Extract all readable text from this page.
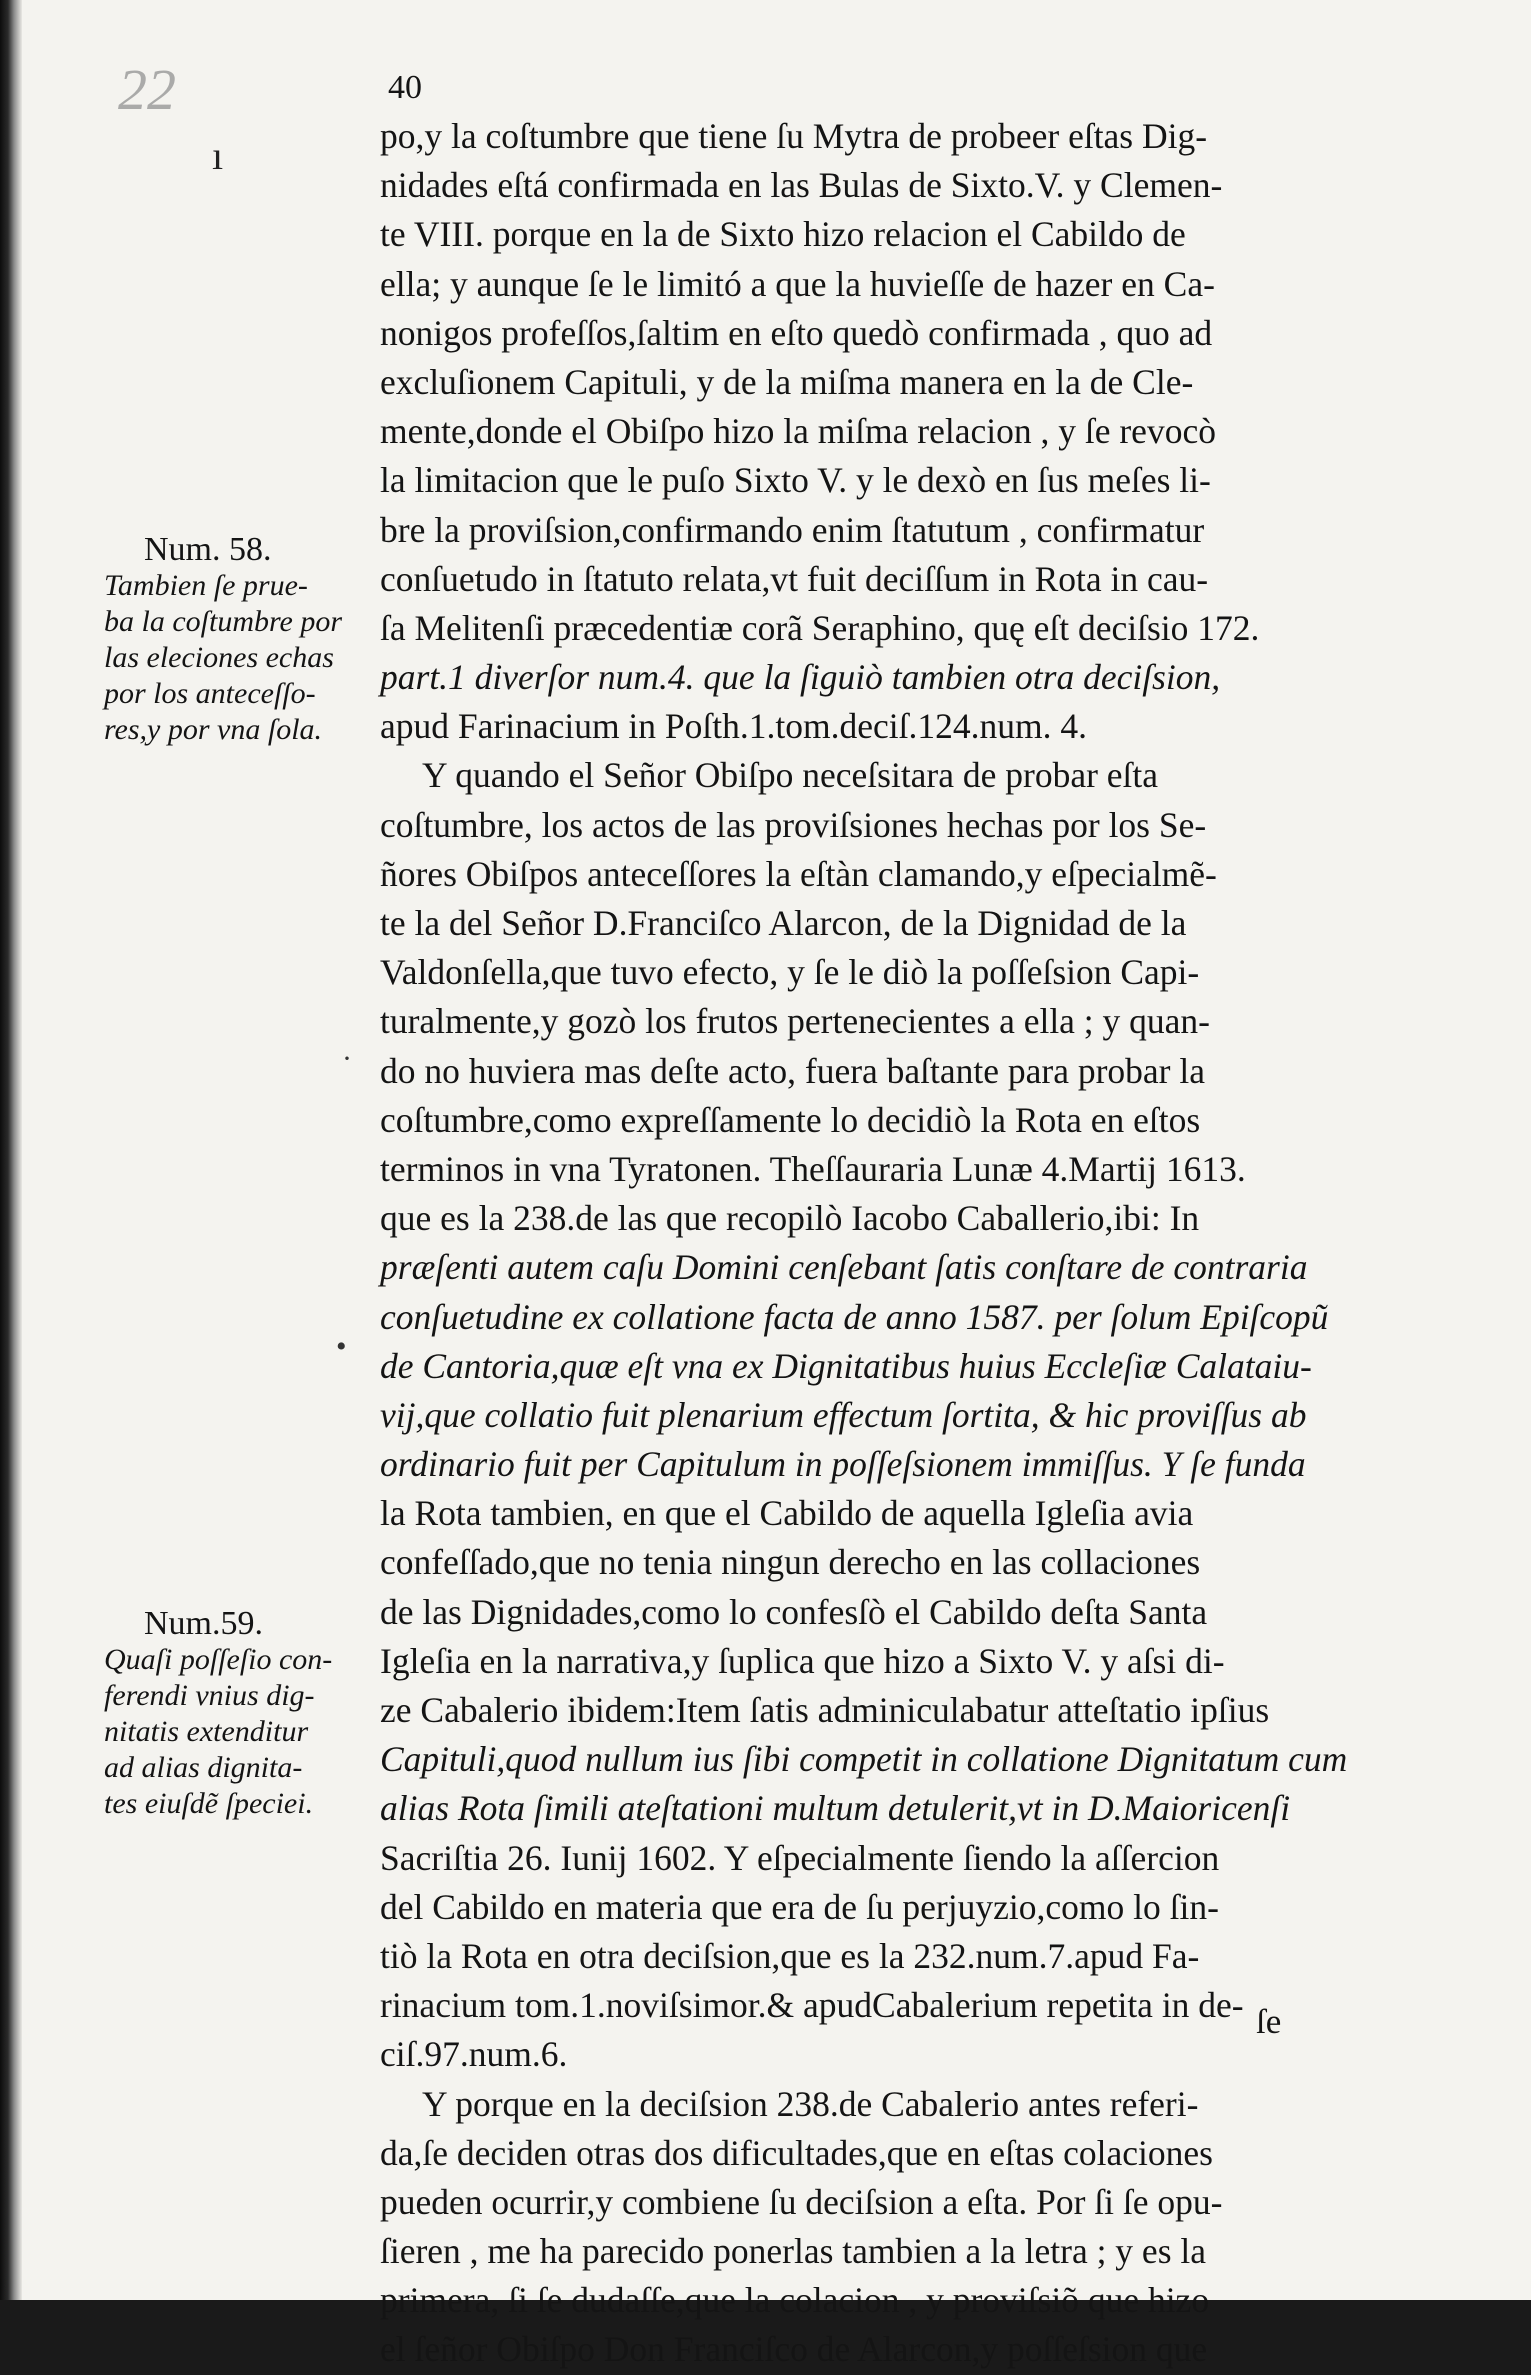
22
ı
40
po,y la coſtumbre que tiene ſu Mytra de probeer eſtas Dig-
nidades eſtá confirmada en las Bulas de Sixto.V. y Clemen-
te VIII. porque en la de Sixto hizo relacion el Cabildo de
ella; y aunque ſe le limitó a que la huvieſſe de hazer en Ca-
nonigos profeſſos,ſaltim en eſto quedò confirmada , quo ad
excluſionem Capituli, y de la miſma manera en la de Cle-
mente,donde el Obiſpo hizo la miſma relacion , y ſe revocò
la limitacion que le puſo Sixto V. y le dexò en ſus meſes li-
bre la proviſsion,confirmando enim ſtatutum , confirmatur
conſuetudo in ſtatuto relata,vt fuit deciſſum in Rota in cau-
ſa Melitenſi præcedentiæ corã Seraphino, quę eſt deciſsio 172.
part.1 diverſor num.4. que la ſiguiò tambien otra deciſsion,
apud Farinacium in Poſth.1.tom.deciſ.124.num. 4.
Y quando el Señor Obiſpo neceſsitara de probar eſta
coſtumbre, los actos de las proviſsiones hechas por los Se-
ñores Obiſpos anteceſſores la eſtàn clamando,y eſpecialmẽ-
te la del Señor D.Franciſco Alarcon, de la Dignidad de la
Valdonſella,que tuvo efecto, y ſe le diò la poſſeſsion Capi-
turalmente,y gozò los frutos pertenecientes a ella ; y quan-
do no huviera mas deſte acto, fuera baſtante para probar la
coſtumbre,como expreſſamente lo decidiò la Rota en eſtos
terminos in vna Tyratonen. Theſſauraria Lunæ 4.Martij 1613.
que es la 238.de las que recopilò Iacobo Caballerio,ibi: In
præſenti autem caſu Domini cenſebant ſatis conſtare de contraria
conſuetudine ex collatione facta de anno 1587. per ſolum Epiſcopũ
de Cantoria,quæ eſt vna ex Dignitatibus huius Eccleſiæ Calataiu-
vij,que collatio fuit plenarium effectum ſortita, & hic proviſſus ab
ordinario fuit per Capitulum in poſſeſsionem immiſſus. Y ſe funda
la Rota tambien, en que el Cabildo de aquella Igleſia avia
confeſſado,que no tenia ningun derecho en las collaciones
de las Dignidades,como lo confesſò el Cabildo deſta Santa
Igleſia en la narrativa,y ſuplica que hizo a Sixto V. y aſsi di-
ze Cabalerio ibidem:Item ſatis adminiculabatur atteſtatio ipſius
Capituli,quod nullum ius ſibi competit in collatione Dignitatum cum
alias Rota ſimili ateſtationi multum detulerit,vt in D.Maioricenſi
Sacriſtia 26. Iunij 1602. Y eſpecialmente ſiendo la aſſercion
del Cabildo en materia que era de ſu perjuyzio,como lo ſin-
tiò la Rota en otra deciſsion,que es la 232.num.7.apud Fa-
rinacium tom.1.noviſsimor.& apudCabalerium repetita in de-
ciſ.97.num.6.
Y porque en la deciſsion 238.de Cabalerio antes referi-
da,ſe deciden otras dos dificultades,que en eſtas colaciones
pueden ocurrir,y combiene ſu deciſsion a eſta. Por ſi ſe opu-
ſieren , me ha parecido ponerlas tambien a la letra ; y es la
primera, ſi ſe dudaſſe,que la colacion , y proviſsiõ que hizo
el ſeñor Obiſpo Don Franciſco de Alarcon,y poſſeſsion que
ſe
Num. 58.
Tambien ſe prue-
ba la coſtumbre por
las eleciones echas
por los anteceſſo-
res,y por vna ſola.
Num.59.
Quaſi poſſeſio con-
ferendi vnius dig-
nitatis extenditur
ad alias dignita-
tes eiuſdẽ ſpeciei.
•
·
